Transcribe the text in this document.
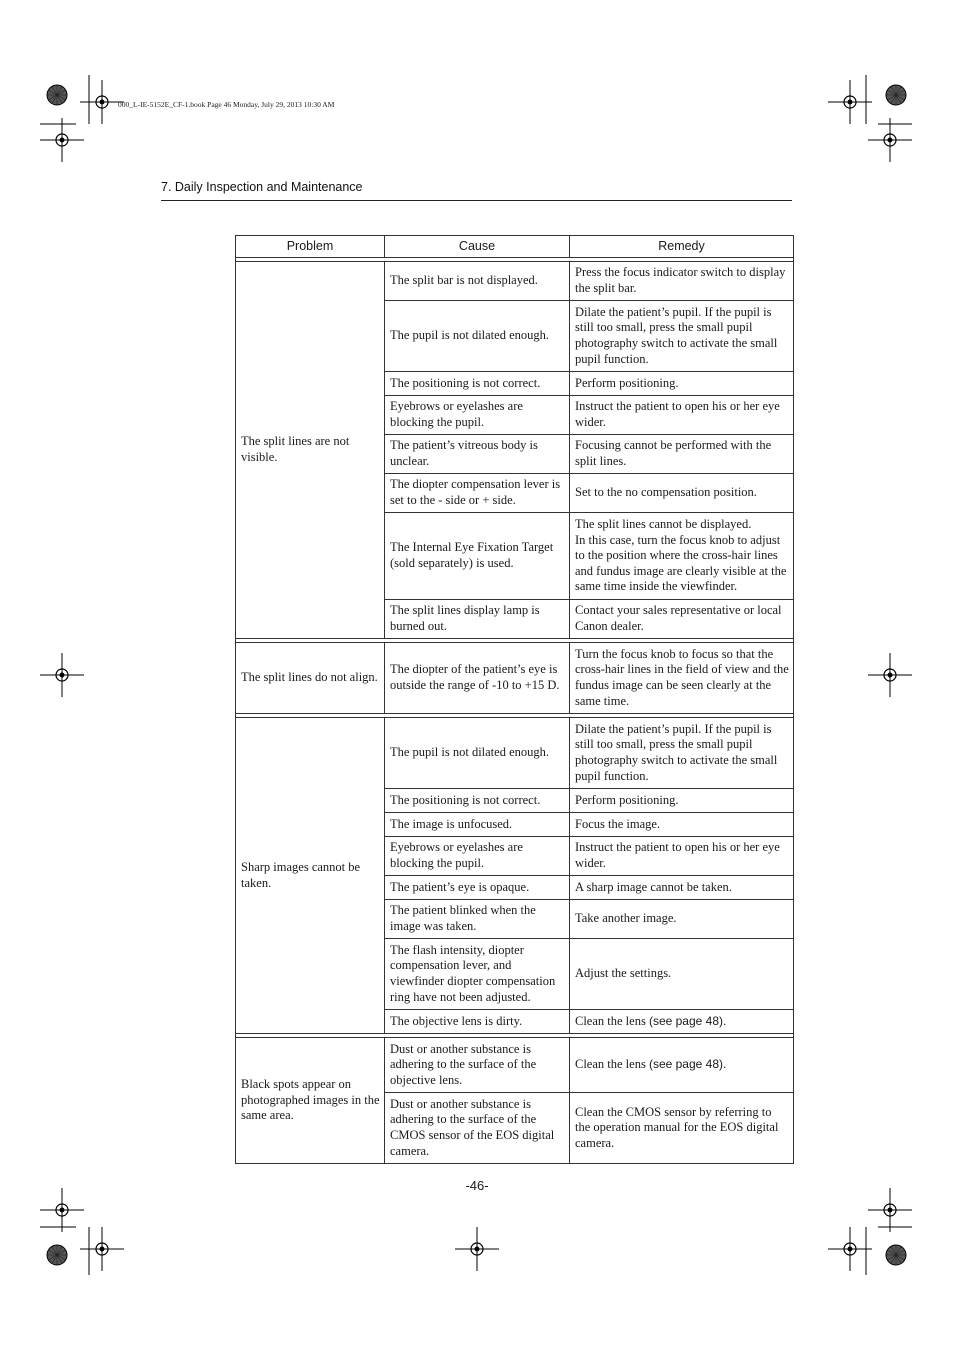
000_L-IE-5152E_CF-1.book Page 46 Monday, July 29, 2013 10:30 AM
7. Daily Inspection and Maintenance
Problem	Cause	Remedy

The split lines are not visible.	The split bar is not displayed.	Press the focus indicator switch to display the split bar.
	The pupil is not dilated enough.	Dilate the patient’s pupil. If the pupil is still too small, press the small pupil photography switch to activate the small pupil function.
	The positioning is not correct.	Perform positioning.
	Eyebrows or eyelashes are blocking the pupil.	Instruct the patient to open his or her eye wider.
	The patient’s vitreous body is unclear.	Focusing cannot be performed with the split lines.
	The diopter compensation lever is set to the - side or + side.	Set to the no compensation position.
	The Internal Eye Fixation Target (sold separately) is used.	The split lines cannot be displayed.
In this case, turn the focus knob to adjust to the position where the cross-hair lines and fundus image are clearly visible at the same time inside the viewfinder.
	The split lines display lamp is burned out.	Contact your sales representative or local Canon dealer.

The split lines do not align.	The diopter of the patient’s eye is outside the range of -10 to +15 D.	Turn the focus knob to focus so that the cross-hair lines in the field of view and the fundus image can be seen clearly at the same time.

Sharp images cannot be taken.	The pupil is not dilated enough.	Dilate the patient’s pupil. If the pupil is still too small, press the small pupil photography switch to activate the small pupil function.
	The positioning is not correct.	Perform positioning.
	The image is unfocused.	Focus the image.
	Eyebrows or eyelashes are blocking the pupil.	Instruct the patient to open his or her eye wider.
	The patient’s eye is opaque.	A sharp image cannot be taken.
	The patient blinked when the image was taken.	Take another image.
	The flash intensity, diopter compensation lever, and viewfinder diopter compensation ring have not been adjusted.	Adjust the settings.
	The objective lens is dirty.	Clean the lens (see page 48).

Black spots appear on photographed images in the same area.	Dust or another substance is adhering to the surface of the objective lens.	Clean the lens (see page 48).
	Dust or another substance is adhering to the surface of the CMOS sensor of the EOS digital camera.	Clean the CMOS sensor by referring to the operation manual for the EOS digital camera.
-46-
